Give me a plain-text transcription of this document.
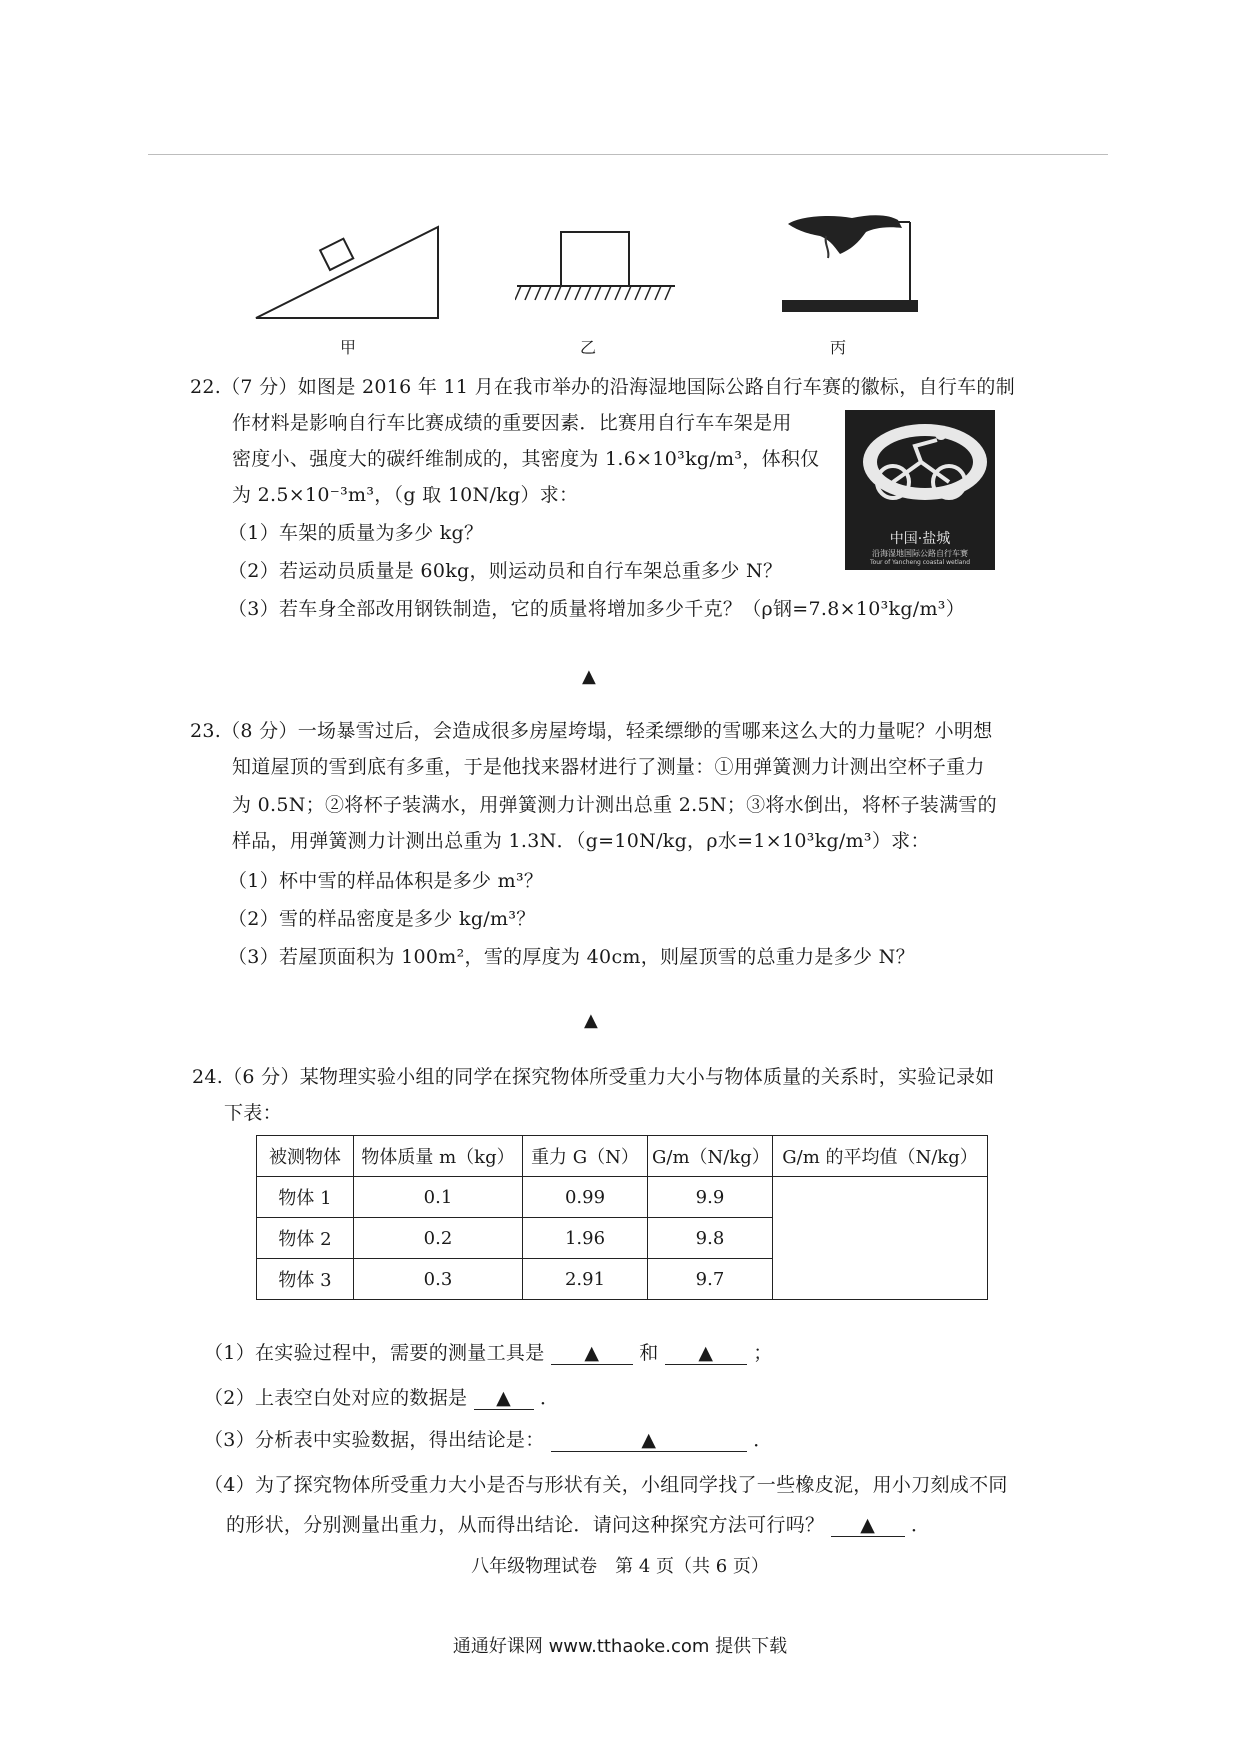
甲	乙	丙
22.（7 分）如图是 2016 年 11 月在我市举办的沿海湿地国际公路自行车赛的徽标，自行车的制
作材料是影响自行车比赛成绩的重要因素．比赛用自行车车架是用
密度小、强度大的碳纤维制成的，其密度为 1.6×10³kg/m³，体积仅
为 2.5×10⁻³m³，（g 取 10N/kg）求：
（1）车架的质量为多少 kg？
（2）若运动员质量是 60kg，则运动员和自行车架总重多少 N？
（3）若车身全部改用钢铁制造，它的质量将增加多少千克？（ρ钢=7.8×10³kg/m³）
中国·盐城
沿海湿地国际公路自行车赛
Tour of Yancheng coastal wetland
▲
23.（8 分）一场暴雪过后，会造成很多房屋垮塌，轻柔缥缈的雪哪来这么大的力量呢？小明想
知道屋顶的雪到底有多重，于是他找来器材进行了测量：①用弹簧测力计测出空杯子重力
为 0.5N；②将杯子装满水，用弹簧测力计测出总重 2.5N；③将水倒出，将杯子装满雪的
样品，用弹簧测力计测出总重为 1.3N．（g=10N/kg，ρ水=1×10³kg/m³）求：
（1）杯中雪的样品体积是多少 m³？
（2）雪的样品密度是多少 kg/m³？
（3）若屋顶面积为 100m²，雪的厚度为 40cm，则屋顶雪的总重力是多少 N？
▲
24.（6 分）某物理实验小组的同学在探究物体所受重力大小与物体质量的关系时，实验记录如
下表：
被测物体	物体质量 m（kg）	重力 G（N）	G/m（N/kg）	G/m 的平均值（N/kg）
物体 1	0.1	0.99	9.9	
物体 2	0.2	1.96	9.8	
物体 3	0.3	2.91	9.7	
（1）在实验过程中，需要的测量工具是 ▲ 和 ▲ ；
（2）上表空白处对应的数据是 ▲ ．
（3）分析表中实验数据，得出结论是：	▲	．
（4）为了探究物体所受重力大小是否与形状有关，小组同学找了一些橡皮泥，用小刀刻成不同
的形状，分别测量出重力，从而得出结论．请问这种探究方法可行吗？ ▲ ．
八年级物理试卷　第 4 页（共 6 页）
通通好课网 www.tthaoke.com 提供下载
